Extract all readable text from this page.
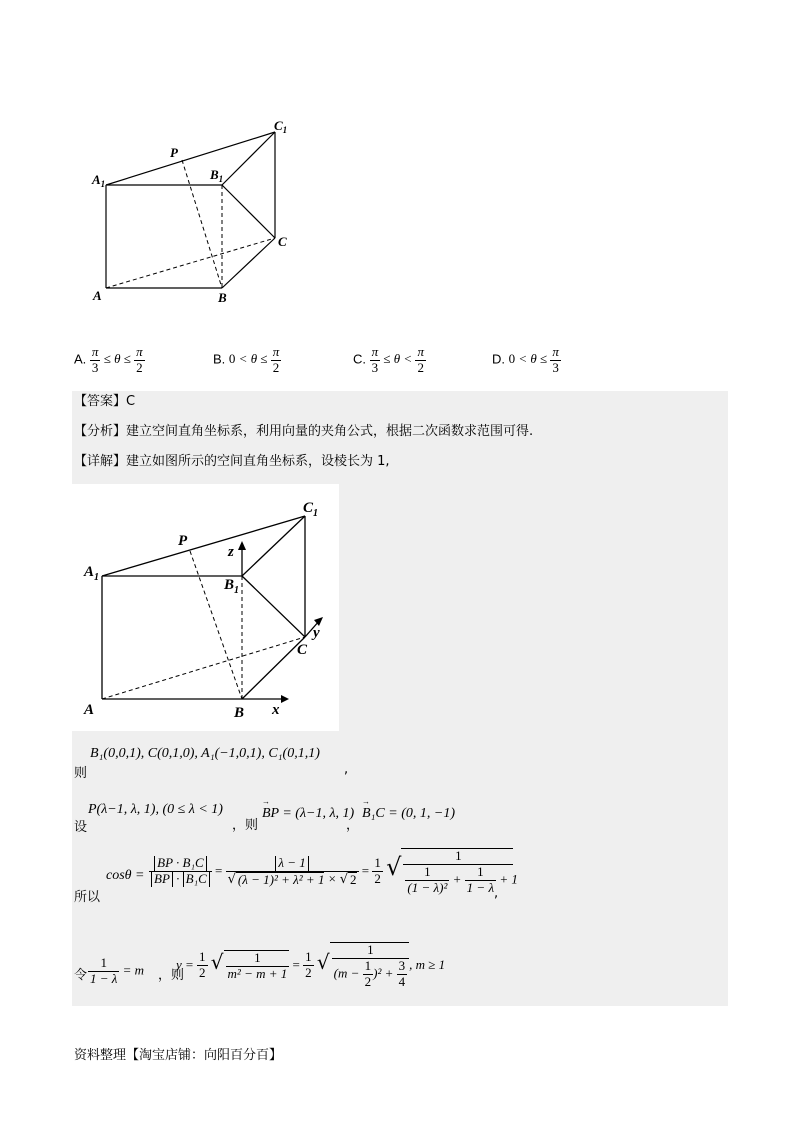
$A_1$
$B_1$
$C_1$
P
A	B
C
A. $\frac{\pi}{3} \le \theta \le \frac{\pi}{2}$	B. $0 < \theta \le \frac{\pi}{2}$	C. $\frac{\pi}{3} \le \theta < \frac{\pi}{2}$	D. $0 < \theta \le \frac{\pi}{3}$
【答案】C
【分析】建立空间直角坐标系，利用向量的夹角公式，根据二次函数求范围可得.
【详解】建立如图所示的空间直角坐标系，设棱长为 1,
$A_1$	$B_1$
$C_1$
P
A	B
C
x
y
z
则
B₁(0,0,1), C(0,1,0), A₁(−1,0,1), C₁(0,1,1)
,
设
P(λ−1, λ, 1), (0 ≤ λ < 1)
，则
→
BP = (λ−1, λ, 1)
，
→
B₁C = (0, 1, −1)
所以
$\cos\theta = \frac{\text{BP · B₁C}}{\text{BP · B₁C}} = \frac{\lambda - 1}{\text{√ (λ − 1)² + λ² + 1 × √ 2}} = \frac{1}{2}$ √ $\frac{1}{\frac{1}{\text{(1 − λ)²}} + \frac{1}{1 - \lambda} + 1}$
,
令 $\frac{1}{1 - \lambda} = m$ ，则
$y = \frac{1}{2}$ √ $\frac{1}{\text{m² − m + 1}} = \frac{1}{2}$ √ $\frac{1}{(m - \frac{1}{2} )^2 + \frac{3}{4}}$ , m ≥ 1
资料整理【淘宝店铺：向阳百分百】
